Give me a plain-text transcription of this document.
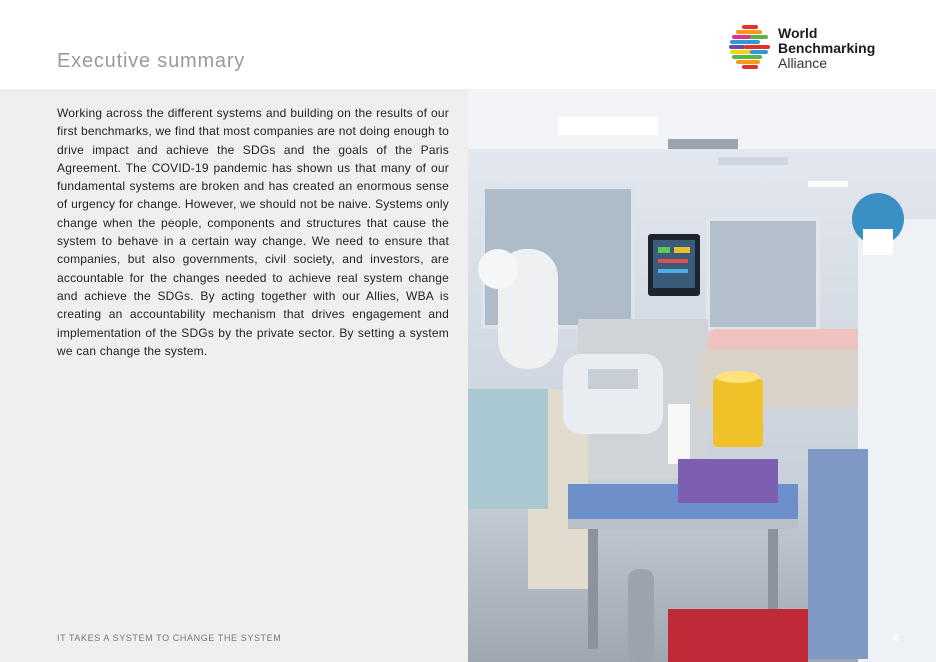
Executive summary
World
Benchmarking
Alliance
Working across the different systems and building on the results of our first benchmarks, we find that most companies are not doing enough to drive impact and achieve the SDGs and the goals of the Paris Agreement. The COVID-19 pandemic has shown us that many of our fundamental systems are broken and has created an enormous sense of urgency for change. However, we should not be naive. Systems only change when the people, components and structures that cause the system to behave in a certain way change. We need to ensure that companies, but also governments, civil society, and investors, are accountable for the changes needed to achieve real system change and achieve the SDGs. By acting together with our Allies, WBA is creating an accountability mechanism that drives engagement and implementation of the SDGs by the private sector. By setting a system we can change the system.
IT TAKES A SYSTEM TO CHANGE THE SYSTEM	4
